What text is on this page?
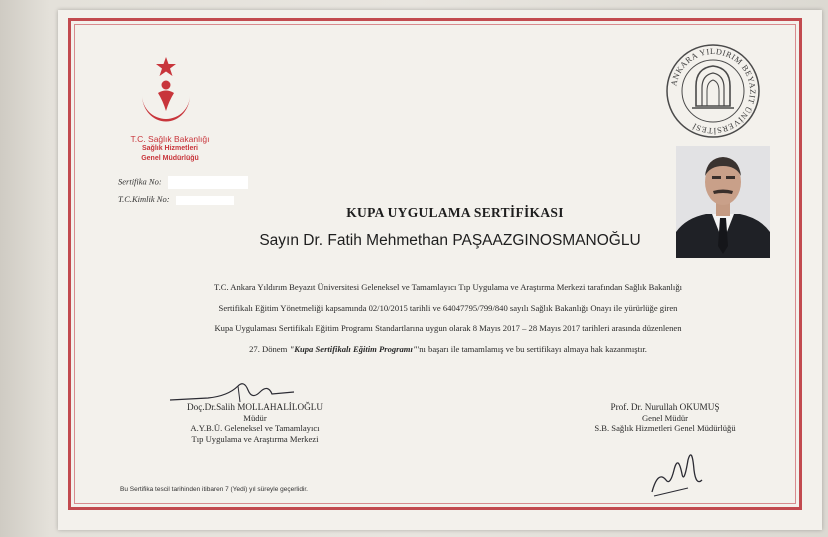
T.C. Sağlık Bakanlığı
Sağlık Hizmetleri
Genel Müdürlüğü
Sertifika No:
T.C.Kimlik No:
ANKARA YILDIRIM BEYAZIT ÜNİVERSİTESİ
KUPA UYGULAMA SERTİFİKASI
Sayın Dr. Fatih Mehmethan PAŞAAZGINOSMANOĞLU
T.C. Ankara Yıldırım Beyazıt Üniversitesi Geleneksel ve Tamamlayıcı Tıp Uygulama ve Araştırma Merkezi tarafından Sağlık Bakanlığı
Sertifikalı Eğitim Yönetmeliği kapsamında 02/10/2015 tarihli ve 64047795/799/840 sayılı Sağlık Bakanlığı Onayı ile yürürlüğe giren
Kupa Uygulaması Sertifikalı Eğitim Programı Standartlarına uygun olarak 8 Mayıs 2017 – 28 Mayıs 2017 tarihleri arasında düzenlenen
27. Dönem "Kupa Sertifikalı Eğitim Programı"'nı başarı ile tamamlamış ve bu sertifikayı almaya hak kazanmıştır.
Doç.Dr.Salih MOLLAHALİLOĞLU
Müdür
A.Y.B.Ü. Geleneksel ve Tamamlayıcı
Tıp Uygulama ve Araştırma Merkezi
Prof. Dr. Nurullah OKUMUŞ
Genel Müdür
S.B. Sağlık Hizmetleri Genel Müdürlüğü
Bu Sertifika tescil tarihinden itibaren 7 (Yedi) yıl süreyle geçerlidir.
